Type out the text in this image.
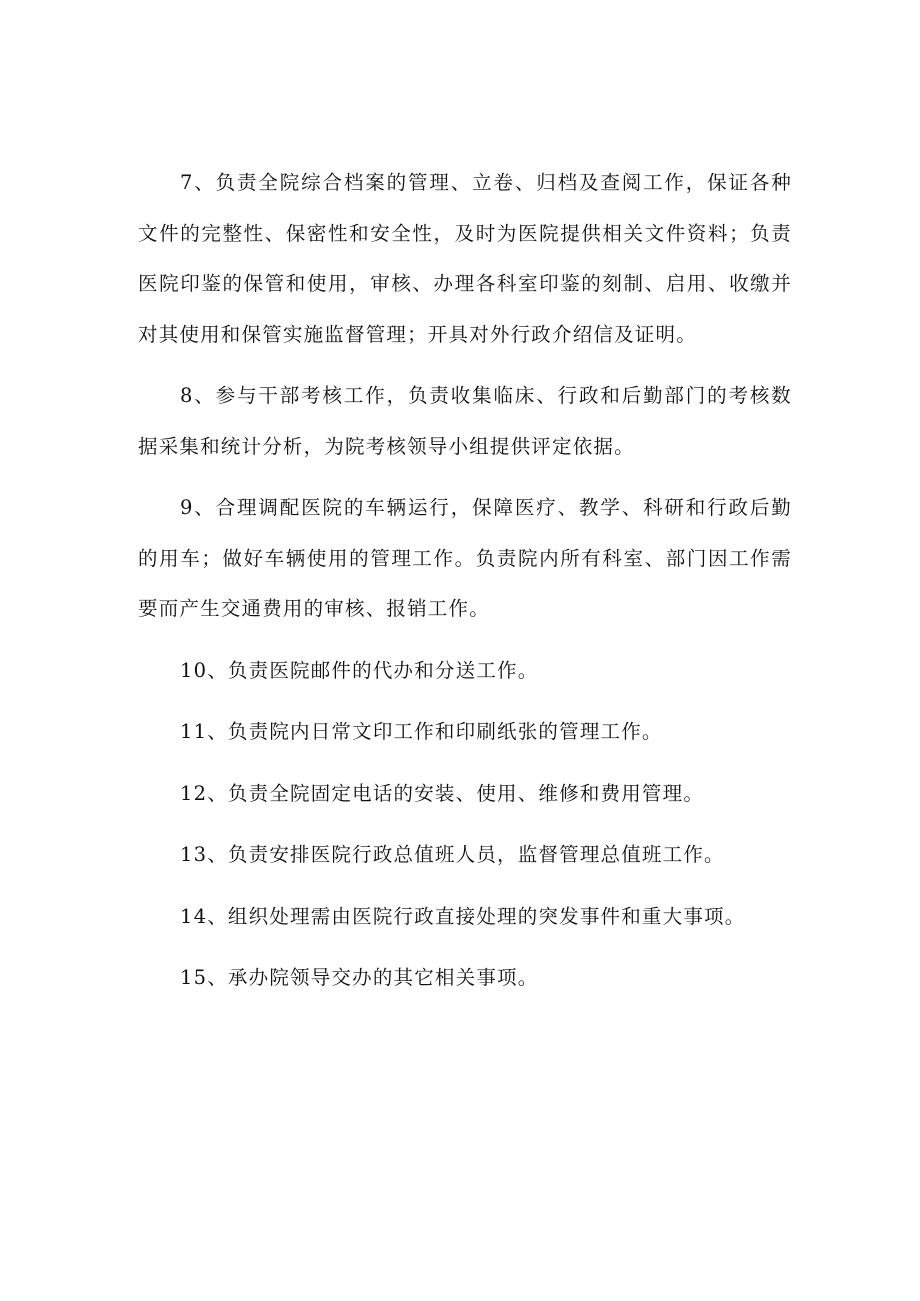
7、负责全院综合档案的管理、立卷、归档及查阅工作，保证各种文件的完整性、保密性和安全性，及时为医院提供相关文件资料；负责医院印鉴的保管和使用，审核、办理各科室印鉴的刻制、启用、收缴并对其使用和保管实施监督管理；开具对外行政介绍信及证明。

8、参与干部考核工作，负责收集临床、行政和后勤部门的考核数据采集和统计分析，为院考核领导小组提供评定依据。

9、合理调配医院的车辆运行，保障医疗、教学、科研和行政后勤的用车；做好车辆使用的管理工作。负责院内所有科室、部门因工作需要而产生交通费用的审核、报销工作。

10、负责医院邮件的代办和分送工作。

11、负责院内日常文印工作和印刷纸张的管理工作。

12、负责全院固定电话的安装、使用、维修和费用管理。

13、负责安排医院行政总值班人员，监督管理总值班工作。

14、组织处理需由医院行政直接处理的突发事件和重大事项。

15、承办院领导交办的其它相关事项。
